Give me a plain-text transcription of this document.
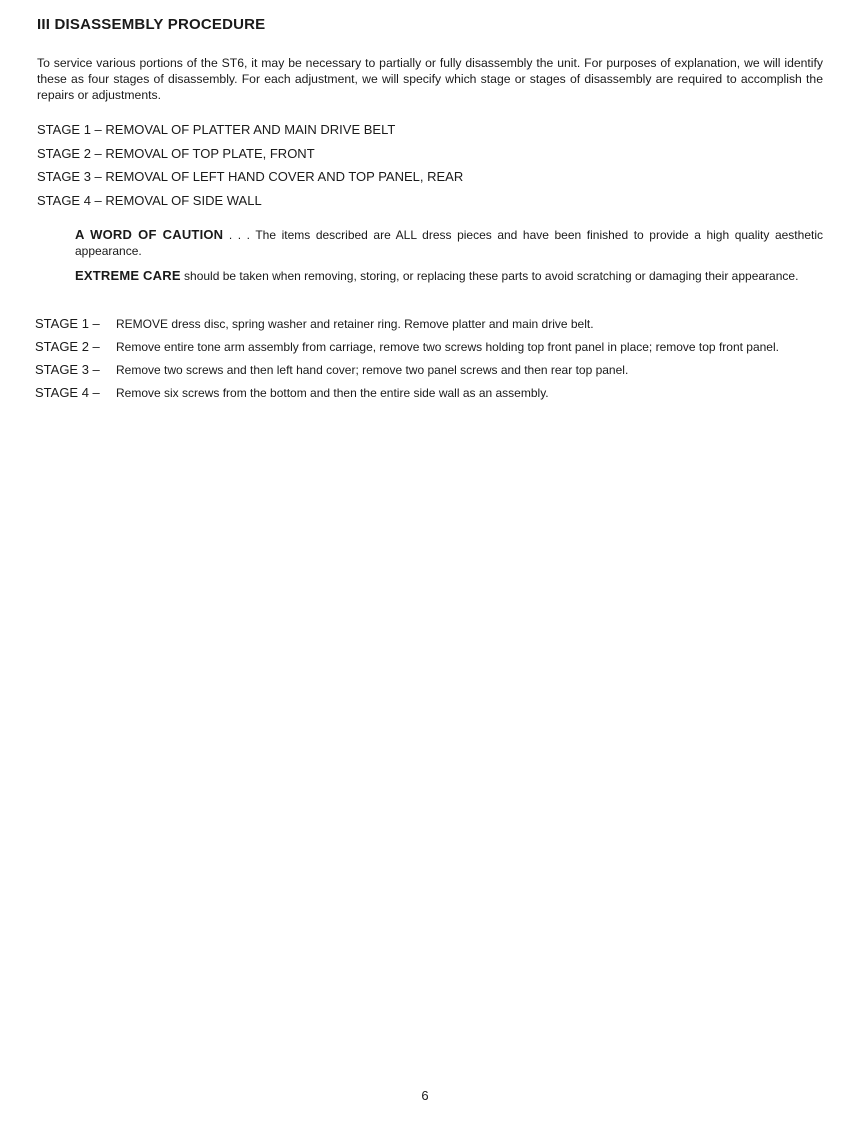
III DISASSEMBLY PROCEDURE

To service various portions of the ST6, it may be necessary to partially or fully disassembly the unit. For purposes of explanation, we will identify these as four stages of disassembly. For each adjustment, we will specify which stage or stages of disassembly are required to accomplish the repairs or adjustments.

STAGE 1 – REMOVAL OF PLATTER AND MAIN DRIVE BELT
STAGE 2 – REMOVAL OF TOP PLATE, FRONT
STAGE 3 – REMOVAL OF LEFT HAND COVER AND TOP PANEL, REAR
STAGE 4 – REMOVAL OF SIDE WALL

A WORD OF CAUTION . . . The items described are ALL dress pieces and have been finished to provide a high quality aesthetic appearance.

EXTREME CARE should be taken when removing, storing, or replacing these parts to avoid scratching or damaging their appearance.

STAGE 1 –	REMOVE dress disc, spring washer and retainer ring. Remove platter and main drive belt.
STAGE 2 –	Remove entire tone arm assembly from carriage, remove two screws holding top front panel in place; remove top front panel.
STAGE 3 –	Remove two screws and then left hand cover; remove two panel screws and then rear top panel.
STAGE 4 –	Remove six screws from the bottom and then the entire side wall as an assembly.
6
